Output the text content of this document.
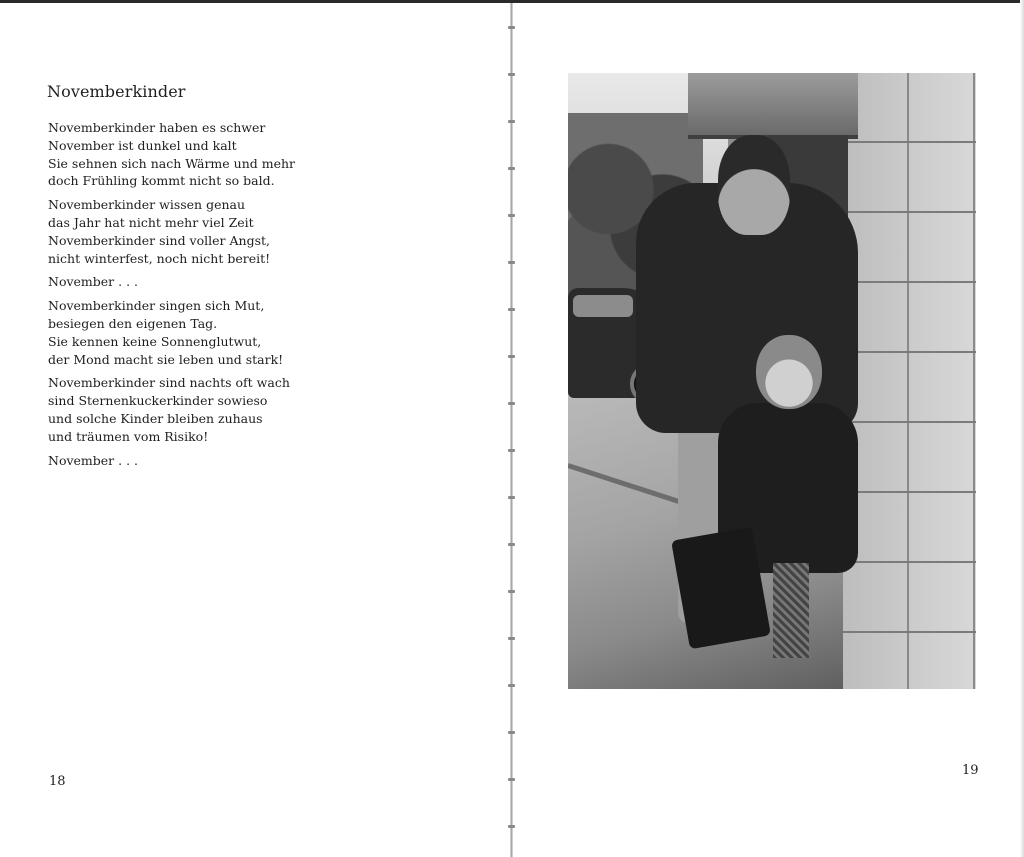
Novemberkinder

Novemberkinder haben es schwer
November ist dunkel und kalt
Sie sehnen sich nach Wärme und mehr
doch Frühling kommt nicht so bald.

Novemberkinder wissen genau
das Jahr hat nicht mehr viel Zeit
Novemberkinder sind voller Angst,
nicht winterfest, noch nicht bereit!

November . . .

Novemberkinder singen sich Mut,
besiegen den eigenen Tag.
Sie kennen keine Sonnenglutwut,
der Mond macht sie leben und stark!

Novemberkinder sind nachts oft wach
sind Sternenkuckerkinder sowieso
und solche Kinder bleiben zuhaus
und träumen vom Risiko!

November . . .

18
19
